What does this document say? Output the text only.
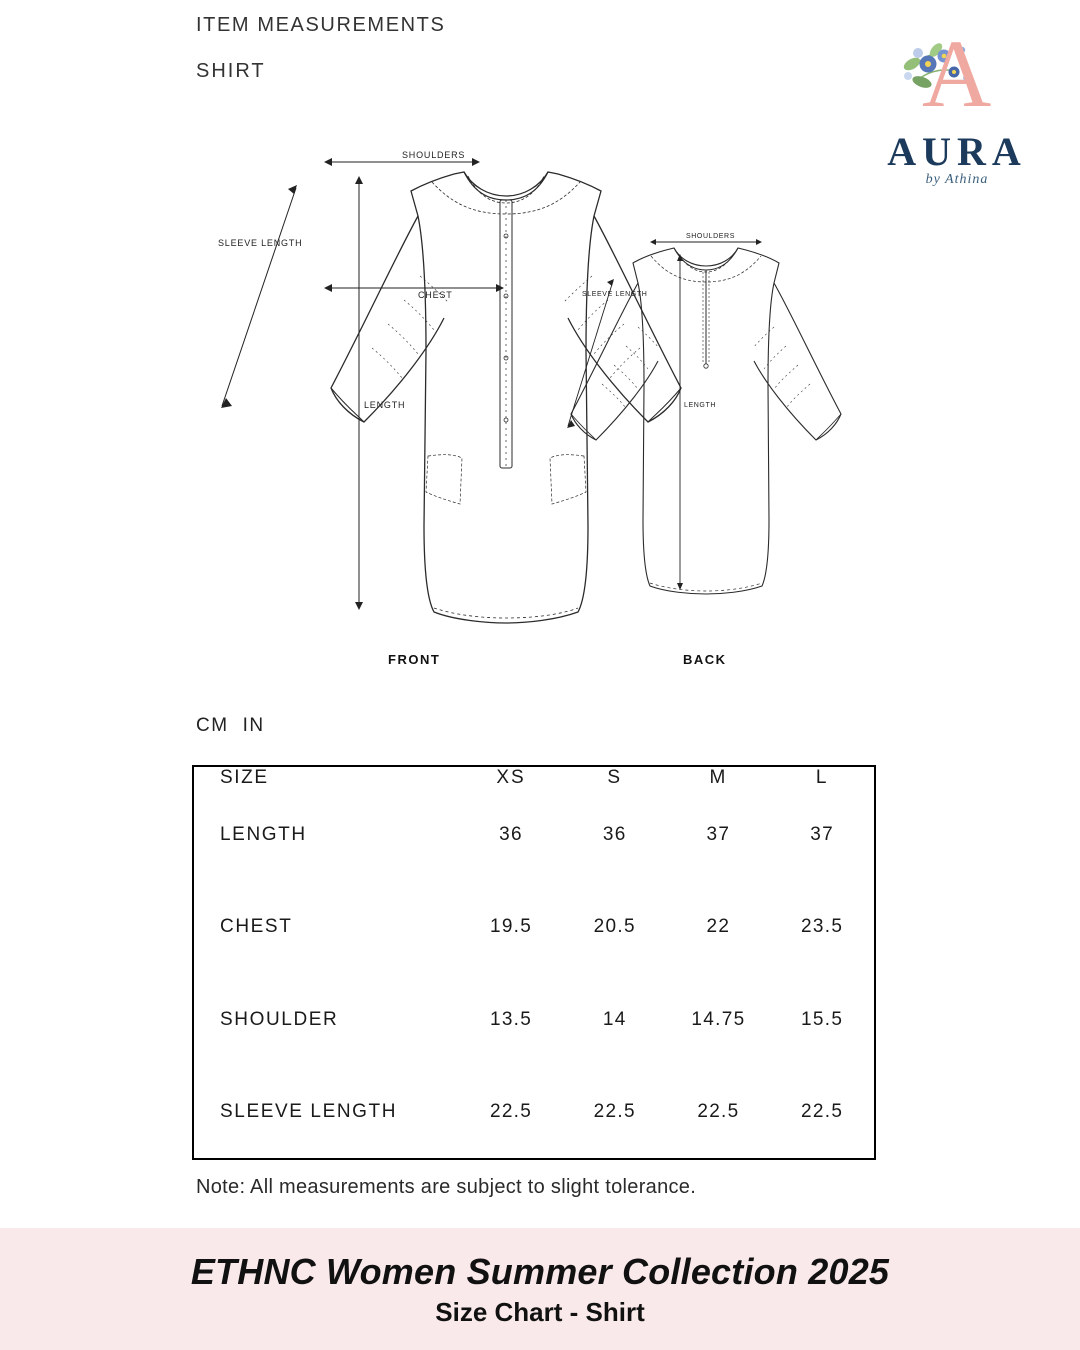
ITEM MEASUREMENTS
SHIRT	A
AURA
by Athina
SHOULDERS
SLEEVE LENGTH
CHEST
LENGTH
FRONT
SHOULDERS
SLEEVE LENGTH
LENGTH
BACK
CM IN
SIZE	XS	S	M	L
LENGTH	36	36	37	37
CHEST	19.5	20.5	22	23.5
SHOULDER	13.5	14	14.75	15.5
SLEEVE LENGTH	22.5	22.5	22.5	22.5
Note: All measurements are subject to slight tolerance.
ETHNC Women Summer Collection 2025
Size Chart - Shirt
